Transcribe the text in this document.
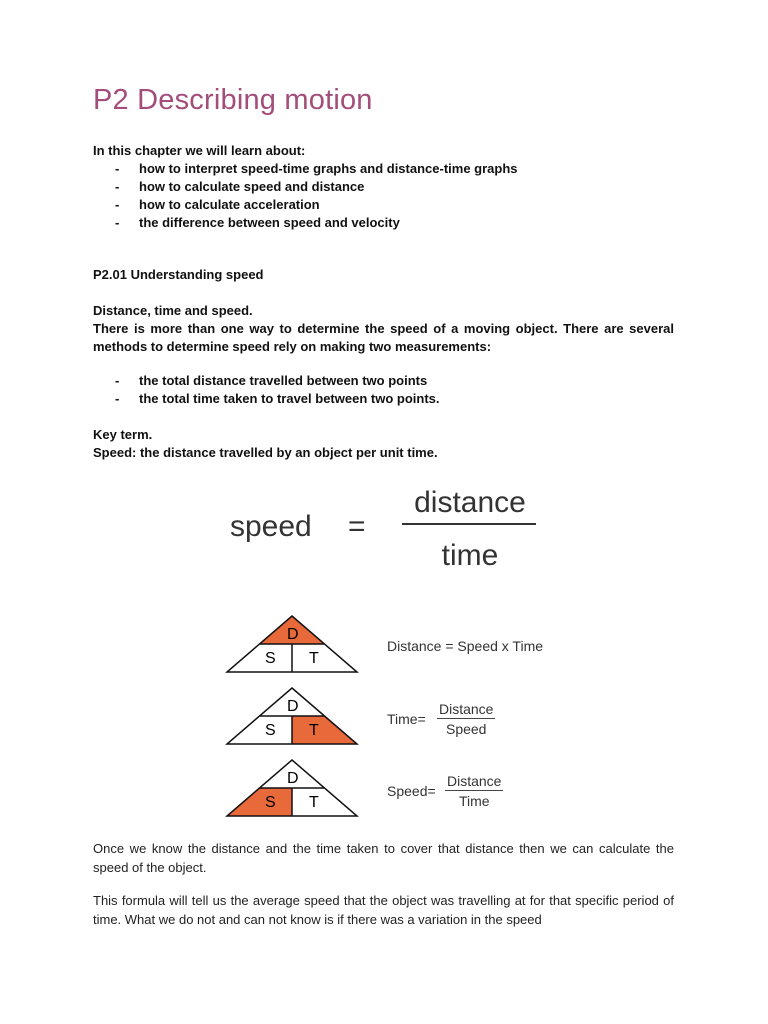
P2 Describing motion
In this chapter we will learn about:
- how to interpret speed-time graphs and distance-time graphs
- how to calculate speed and distance
- how to calculate acceleration
- the difference between speed and velocity
P2.01 Understanding speed
Distance, time and speed.
There is more than one way to determine the speed of a moving object. There are several methods to determine speed rely on making two measurements:
- the total distance travelled between two points
- the total time taken to travel between two points.
Key term.
Speed: the distance travelled by an object per unit time.
speed =
distance
time
D
S T
Distance = Speed x Time
D
S T
Time=
Distance
Speed
D
S T
Speed=
Distance
Time

Once we know the distance and the time taken to cover that distance then we can calculate the speed of the object.

This formula will tell us the average speed that the object was travelling at for that specific period of time. What we do not and can not know is if there was a variation in the speed
